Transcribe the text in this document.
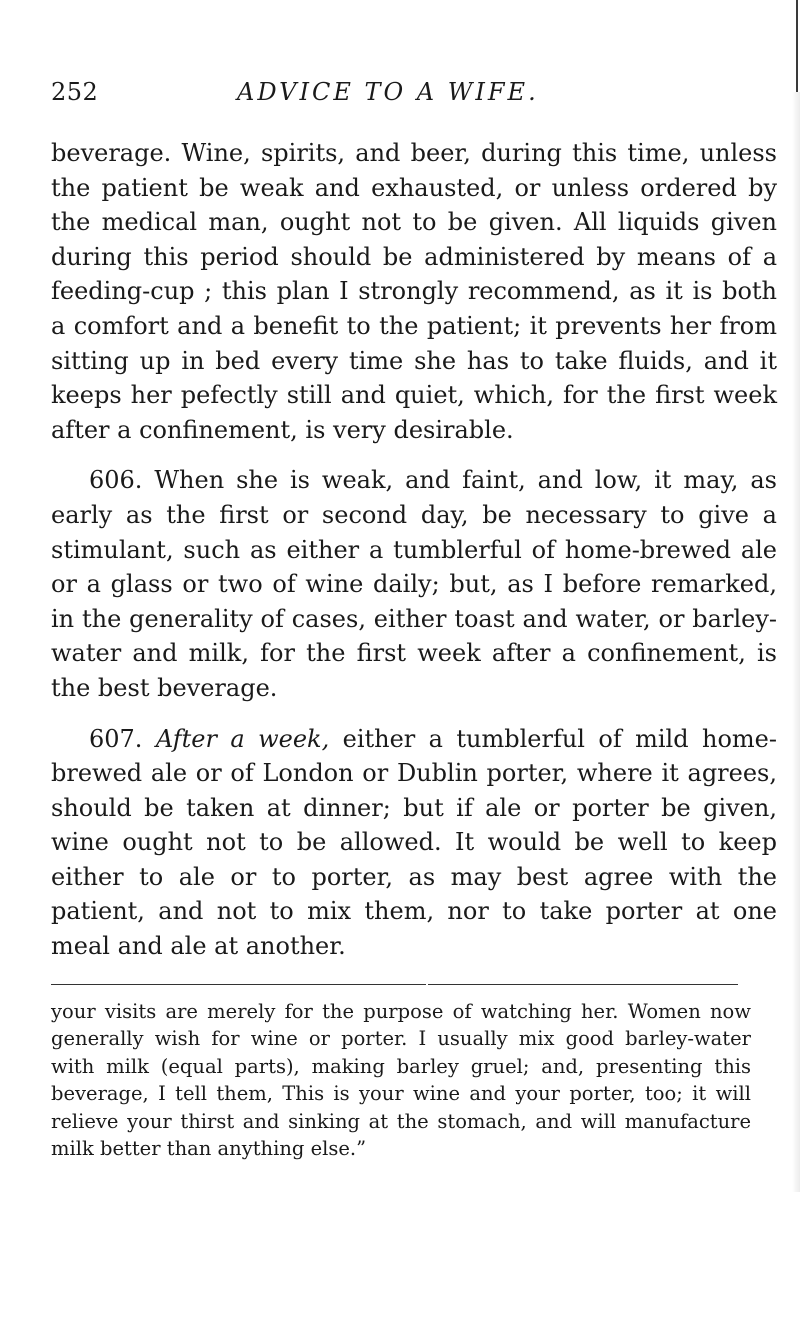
252	ADVICE TO A WIFE.

beverage. Wine, spirits, and beer, during this time, unless the patient be weak and exhausted, or unless ordered by the medical man, ought not to be given. All liquids given during this period should be administered by means of a feeding-cup ; this plan I strongly recommend, as it is both a comfort and a benefit to the patient; it prevents her from sitting up in bed every time she has to take fluids, and it keeps her pefectly still and quiet, which, for the first week after a confinement, is very desirable.

606. When she is weak, and faint, and low, it may, as early as the first or second day, be necessary to give a stimulant, such as either a tumblerful of home-brewed ale or a glass or two of wine daily; but, as I before remarked, in the generality of cases, either toast and water, or barley-water and milk, for the first week after a confinement, is the best beverage.

607. After a week, either a tumblerful of mild home-brewed ale or of London or Dublin porter, where it agrees, should be taken at dinner; but if ale or porter be given, wine ought not to be allowed. It would be well to keep either to ale or to porter, as may best agree with the patient, and not to mix them, nor to take porter at one meal and ale at another.

your visits are merely for the purpose of watching her. Women now generally wish for wine or porter. I usually mix good barley-water with milk (equal parts), making barley gruel; and, presenting this beverage, I tell them, This is your wine and your porter, too; it will relieve your thirst and sinking at the stomach, and will manufacture milk better than anything else.”
